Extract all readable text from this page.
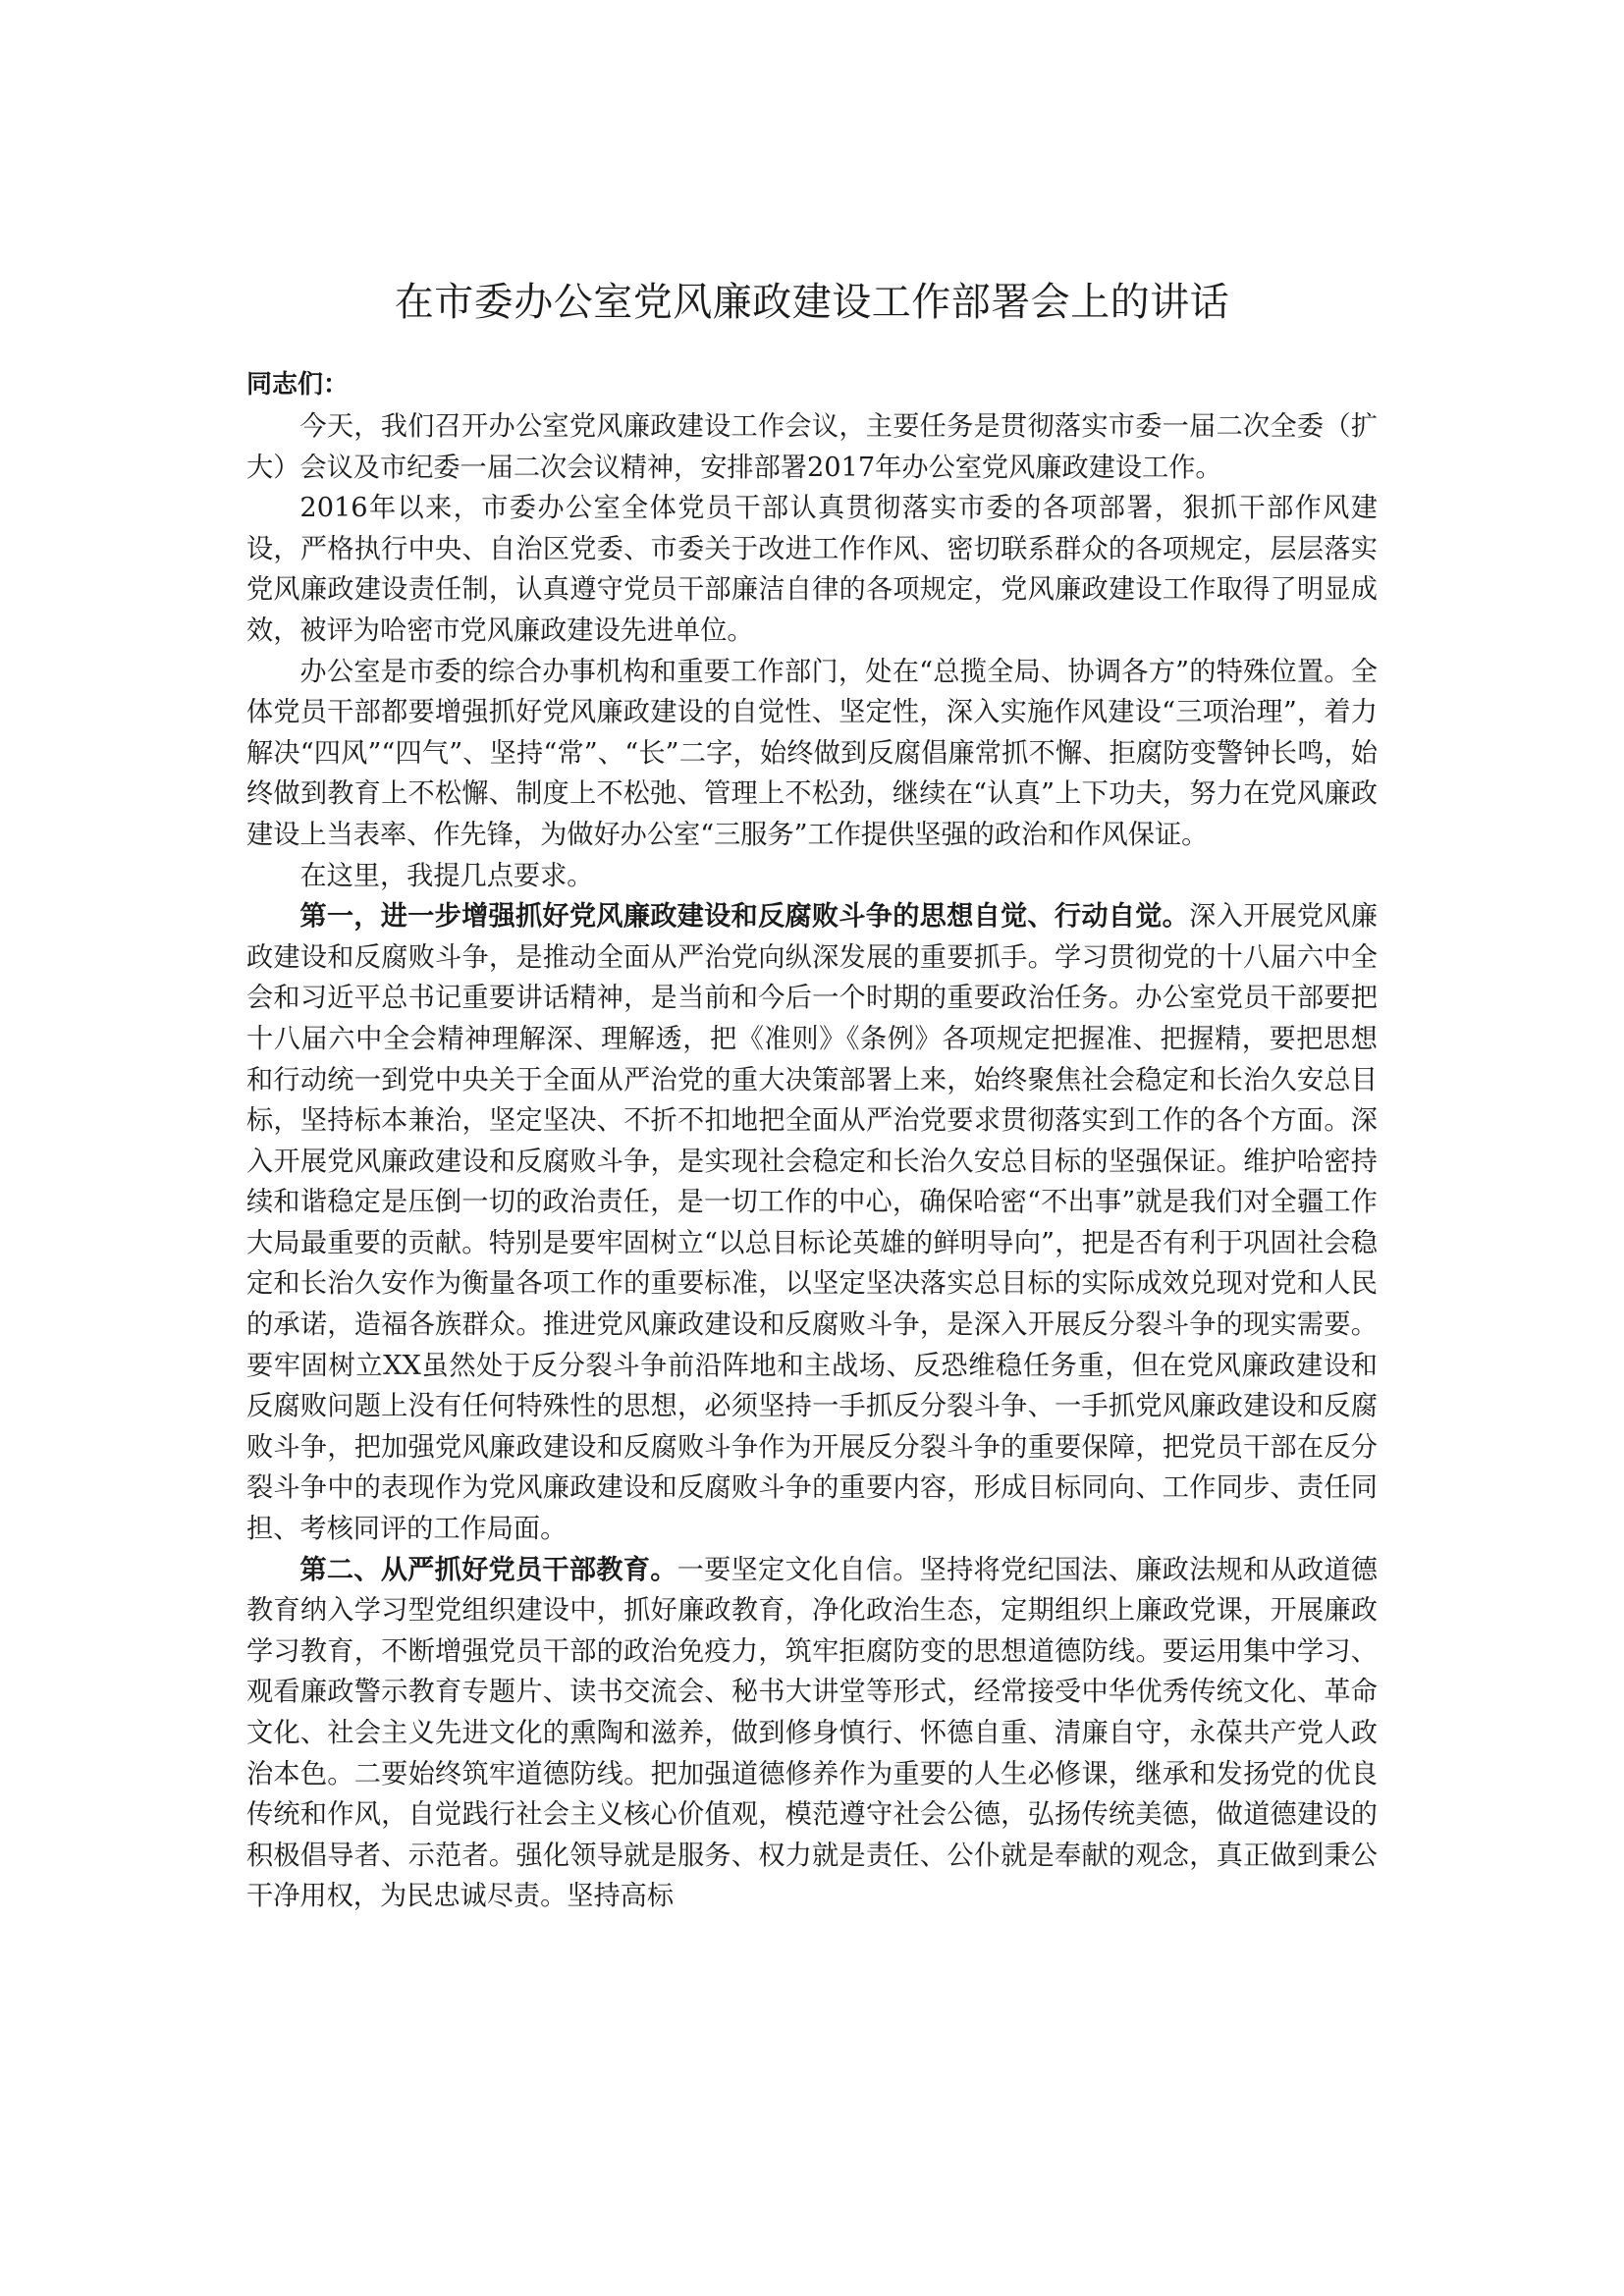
在市委办公室党风廉政建设工作部署会上的讲话

同志们：

今天，我们召开办公室党风廉政建设工作会议，主要任务是贯彻落实市委一届二次全委（扩大）会议及市纪委一届二次会议精神，安排部署2017年办公室党风廉政建设工作。

2016年以来，市委办公室全体党员干部认真贯彻落实市委的各项部署，狠抓干部作风建设，严格执行中央、自治区党委、市委关于改进工作作风、密切联系群众的各项规定，层层落实党风廉政建设责任制，认真遵守党员干部廉洁自律的各项规定，党风廉政建设工作取得了明显成效，被评为哈密市党风廉政建设先进单位。

办公室是市委的综合办事机构和重要工作部门，处在“总揽全局、协调各方”的特殊位置。全体党员干部都要增强抓好党风廉政建设的自觉性、坚定性，深入实施作风建设“三项治理”，着力解决“四风”“四气”、坚持“常”、“长”二字，始终做到反腐倡廉常抓不懈、拒腐防变警钟长鸣，始终做到教育上不松懈、制度上不松弛、管理上不松劲，继续在“认真”上下功夫，努力在党风廉政建设上当表率、作先锋，为做好办公室“三服务”工作提供坚强的政治和作风保证。

在这里，我提几点要求。

第一，进一步增强抓好党风廉政建设和反腐败斗争的思想自觉、行动自觉。深入开展党风廉政建设和反腐败斗争，是推动全面从严治党向纵深发展的重要抓手。学习贯彻党的十八届六中全会和习近平总书记重要讲话精神，是当前和今后一个时期的重要政治任务。办公室党员干部要把十八届六中全会精神理解深、理解透，把《准则》《条例》各项规定把握准、把握精，要把思想和行动统一到党中央关于全面从严治党的重大决策部署上来，始终聚焦社会稳定和长治久安总目标，坚持标本兼治，坚定坚决、不折不扣地把全面从严治党要求贯彻落实到工作的各个方面。深入开展党风廉政建设和反腐败斗争，是实现社会稳定和长治久安总目标的坚强保证。维护哈密持续和谐稳定是压倒一切的政治责任，是一切工作的中心，确保哈密“不出事”就是我们对全疆工作大局最重要的贡献。特别是要牢固树立“以总目标论英雄的鲜明导向”，把是否有利于巩固社会稳定和长治久安作为衡量各项工作的重要标准，以坚定坚决落实总目标的实际成效兑现对党和人民的承诺，造福各族群众。推进党风廉政建设和反腐败斗争，是深入开展反分裂斗争的现实需要。要牢固树立XX虽然处于反分裂斗争前沿阵地和主战场、反恐维稳任务重，但在党风廉政建设和反腐败问题上没有任何特殊性的思想，必须坚持一手抓反分裂斗争、一手抓党风廉政建设和反腐败斗争，把加强党风廉政建设和反腐败斗争作为开展反分裂斗争的重要保障，把党员干部在反分裂斗争中的表现作为党风廉政建设和反腐败斗争的重要内容，形成目标同向、工作同步、责任同担、考核同评的工作局面。

第二、从严抓好党员干部教育。一要坚定文化自信。坚持将党纪国法、廉政法规和从政道德教育纳入学习型党组织建设中，抓好廉政教育，净化政治生态，定期组织上廉政党课，开展廉政学习教育，不断增强党员干部的政治免疫力，筑牢拒腐防变的思想道德防线。要运用集中学习、观看廉政警示教育专题片、读书交流会、秘书大讲堂等形式，经常接受中华优秀传统文化、革命文化、社会主义先进文化的熏陶和滋养，做到修身慎行、怀德自重、清廉自守，永葆共产党人政治本色。二要始终筑牢道德防线。把加强道德修养作为重要的人生必修课，继承和发扬党的优良传统和作风，自觉践行社会主义核心价值观，模范遵守社会公德，弘扬传统美德，做道德建设的积极倡导者、示范者。强化领导就是服务、权力就是责任、公仆就是奉献的观念，真正做到秉公干净用权，为民忠诚尽责。坚持高标
